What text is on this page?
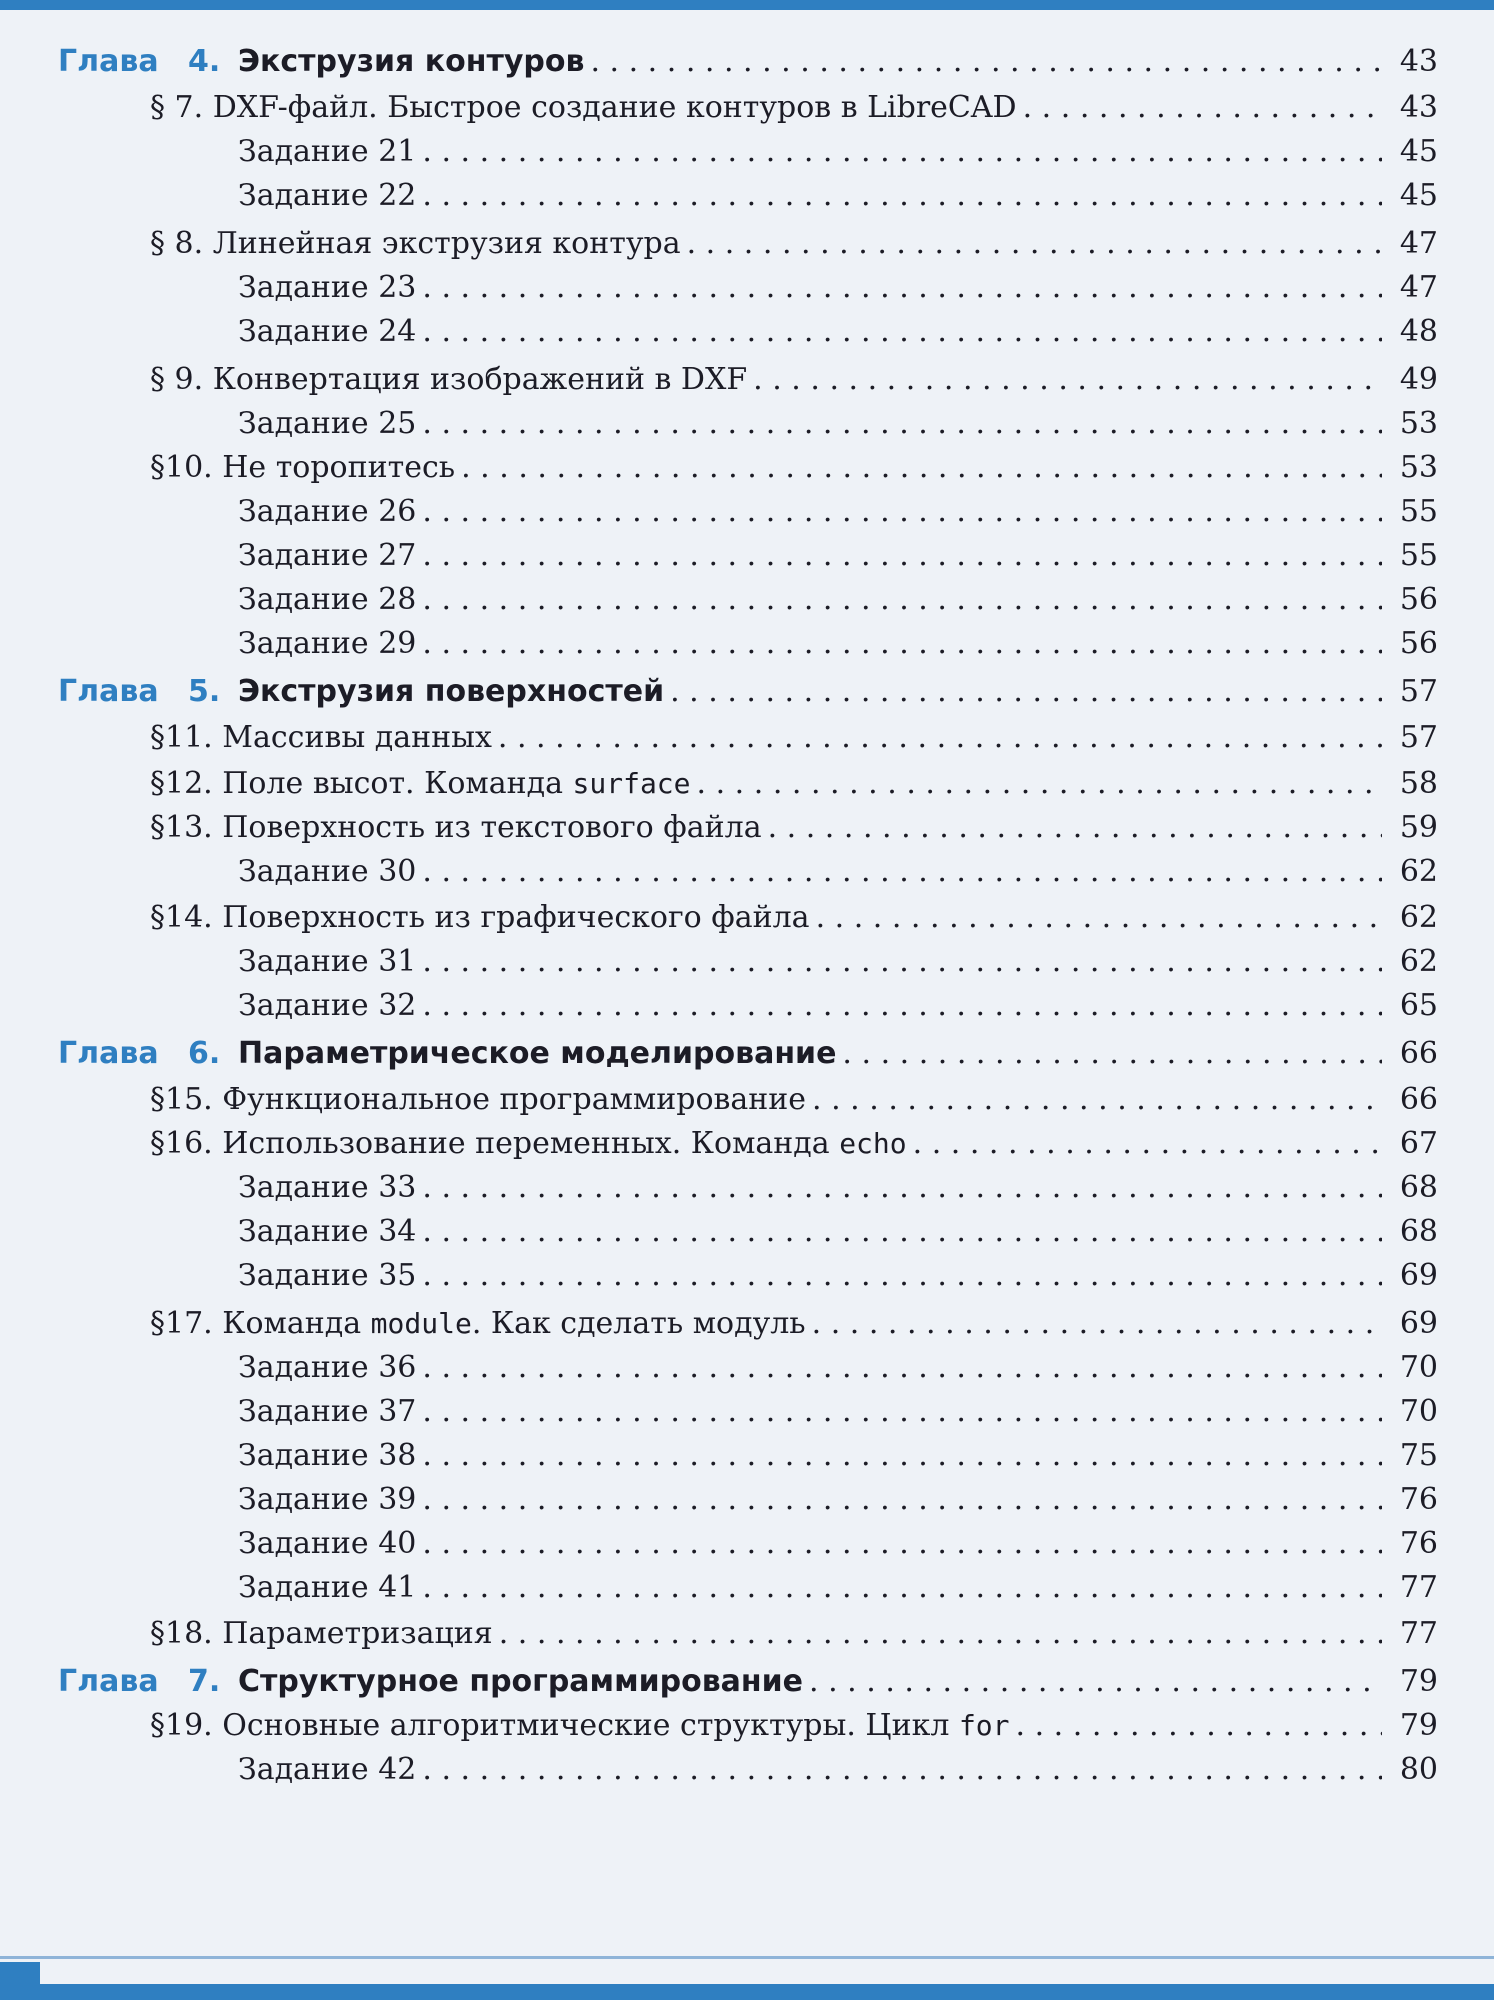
Глава 4. Экструзия контуров . . .	43
§ 7. DXF-файл. Быстрое создание контуров в LibreCAD . . .	43
Задание 21 . . .	45
Задание 22 . . .	45
§ 8. Линейная экструзия контура . . .	47
Задание 23 . . .	47
Задание 24 . . .	48
§ 9. Конвертация изображений в DXF . . .	49
Задание 25 . . .	53
§10. Не торопитесь . . .	53
Задание 26 . . .	55
Задание 27 . . .	55
Задание 28 . . .	56
Задание 29 . . .	56
Глава 5. Экструзия поверхностей . . .	57
§11. Массивы данных . . .	57
§12. Поле высот. Команда surface . . .	58
§13. Поверхность из текстового файла . . .	59
Задание 30 . . .	62
§14. Поверхность из графического файла . . .	62
Задание 31 . . .	62
Задание 32 . . .	65
Глава 6. Параметрическое моделирование . . .	66
§15. Функциональное программирование . . .	66
§16. Использование переменных. Команда echo . . .	67
Задание 33 . . .	68
Задание 34 . . .	68
Задание 35 . . .	69
§17. Команда module. Как сделать модуль . . .	69
Задание 36 . . .	70
Задание 37 . . .	70
Задание 38 . . .	75
Задание 39 . . .	76
Задание 40 . . .	76
Задание 41 . . .	77
§18. Параметризация . . .	77
Глава 7. Структурное программирование . . .	79
§19. Основные алгоритмические структуры. Цикл for . . .	79
Задание 42 . . .	80
